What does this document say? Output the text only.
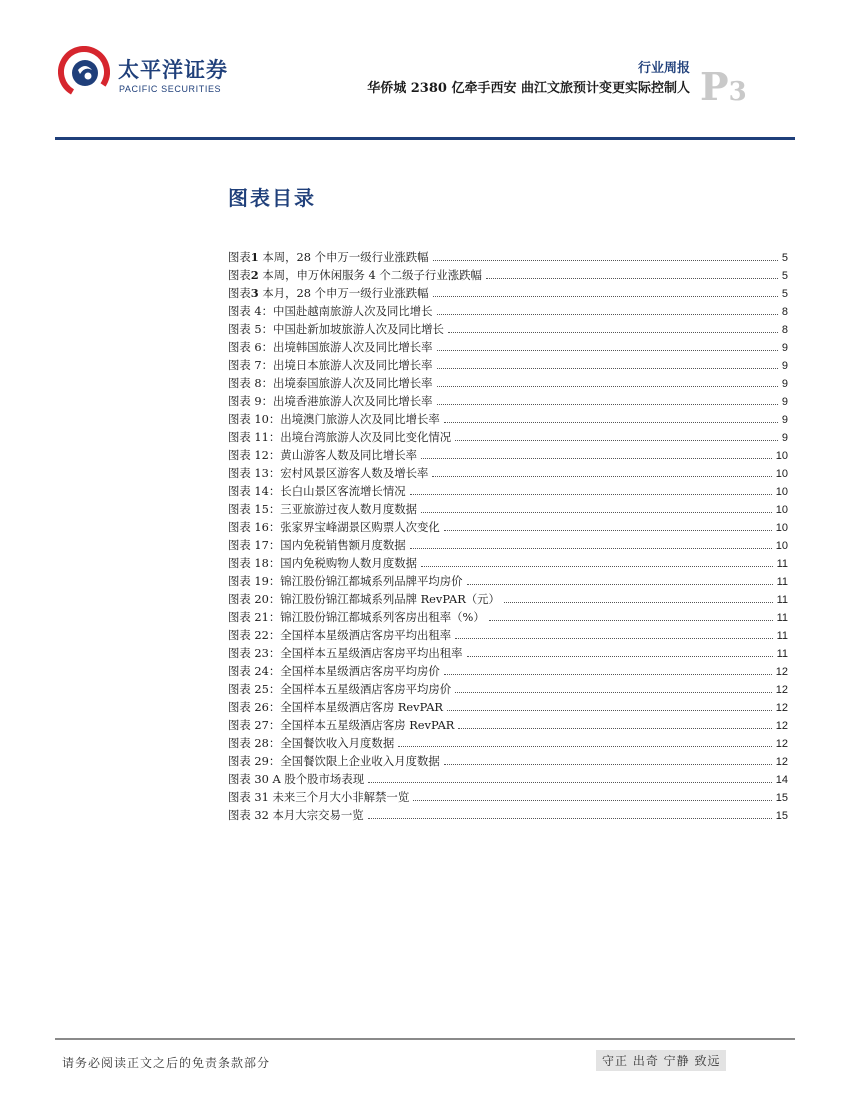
太平洋证券
PACIFIC SECURITIES
行业周报
华侨城 2380 亿牵手西安 曲江文旅预计变更实际控制人 P3
图表目录
图表1 本周，28 个申万一级行业涨跌幅	5
图表2 本周，申万休闲服务 4 个二级子行业涨跌幅	5
图表3 本月，28 个申万一级行业涨跌幅	5
图表 4：中国赴越南旅游人次及同比增长	8
图表 5：中国赴新加坡旅游人次及同比增长	8
图表 6：出境韩国旅游人次及同比增长率	9
图表 7：出境日本旅游人次及同比增长率	9
图表 8：出境泰国旅游人次及同比增长率	9
图表 9：出境香港旅游人次及同比增长率	9
图表 10：出境澳门旅游人次及同比增长率	9
图表 11：出境台湾旅游人次及同比变化情况	9
图表 12：黄山游客人数及同比增长率	10
图表 13：宏村风景区游客人数及增长率	10
图表 14：长白山景区客流增长情况	10
图表 15：三亚旅游过夜人数月度数据	10
图表 16：张家界宝峰湖景区购票人次变化	10
图表 17：国内免税销售额月度数据	10
图表 18：国内免税购物人数月度数据	11
图表 19：锦江股份锦江都城系列品牌平均房价	11
图表 20：锦江股份锦江都城系列品牌 RevPAR（元）	11
图表 21：锦江股份锦江都城系列客房出租率（%）	11
图表 22：全国样本星级酒店客房平均出租率	11
图表 23：全国样本五星级酒店客房平均出租率	11
图表 24：全国样本星级酒店客房平均房价	12
图表 25：全国样本五星级酒店客房平均房价	12
图表 26：全国样本星级酒店客房 RevPAR	12
图表 27：全国样本五星级酒店客房 RevPAR	12
图表 28：全国餐饮收入月度数据	12
图表 29：全国餐饮限上企业收入月度数据	12
图表 30 A 股个股市场表现	14
图表 31 未来三个月大小非解禁一览	15
图表 32 本月大宗交易一览	15
请务必阅读正文之后的免责条款部分	守正 出奇 宁静 致远
